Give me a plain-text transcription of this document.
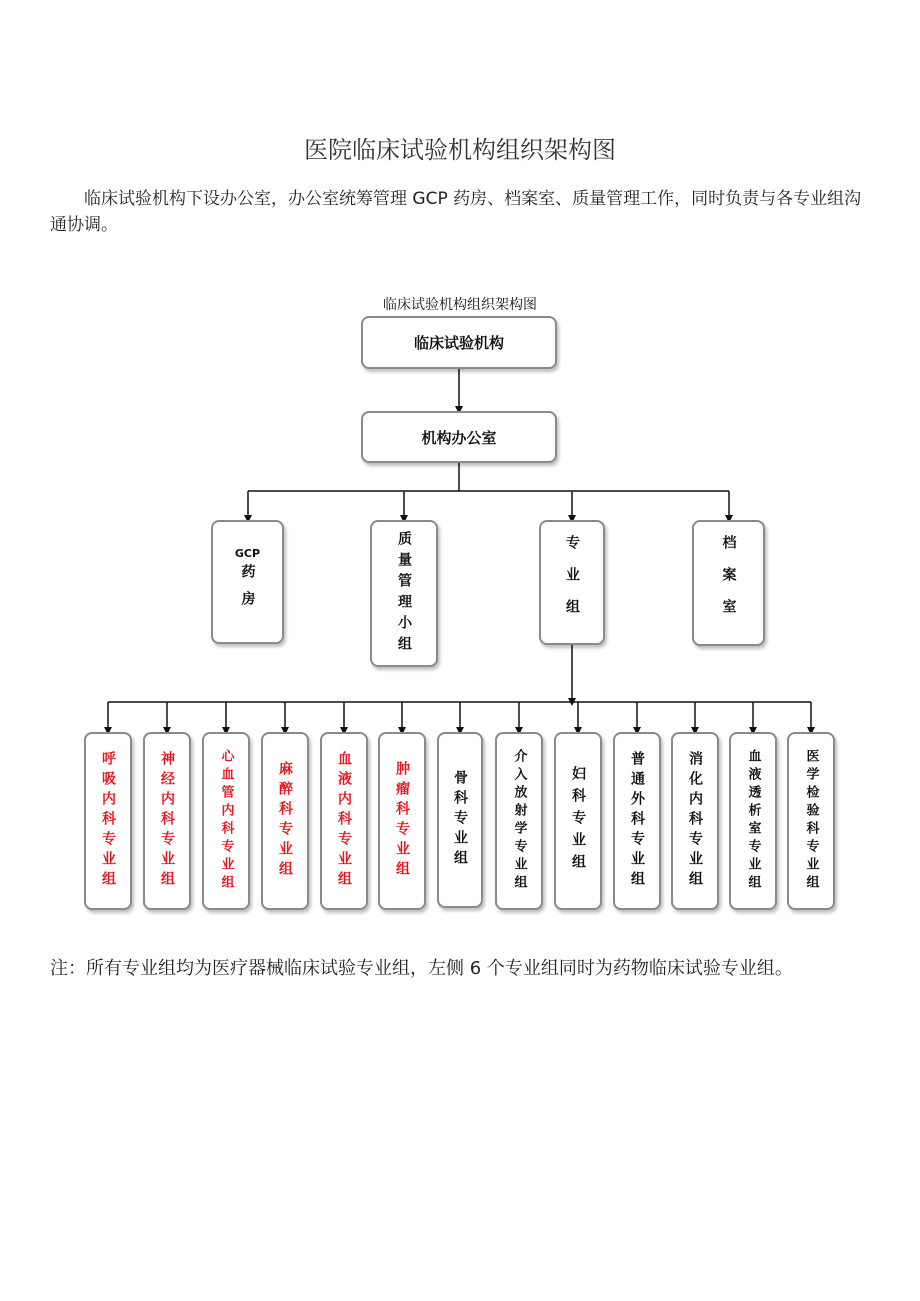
医院临床试验机构组织架构图
临床试验机构下设办公室，办公室统筹管理 GCP 药房、档案室、质量管理工作，同时负责与各专业组沟通协调。
临床试验机构组织架构图
临床试验机构
机构办公室
GCP
药房	质量管理小组	专业组	档案室
呼吸内科专业组	神经内科专业组	心血管内科专业组	麻醉科专业组	血液内科专业组	肿瘤科专业组	骨科专业组	介入放射学专业组	妇科专业组	普通外科专业组	消化内科专业组	血液透析室专业组	医学检验科专业组
注：所有专业组均为医疗器械临床试验专业组，左侧 6 个专业组同时为药物临床试验专业组。
